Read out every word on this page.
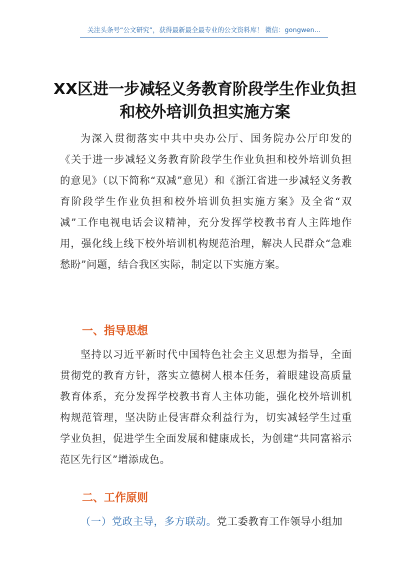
关注头条号“公文研究”，获得最新最全最专业的公文资料库！ 微信：gongwen...
XX区进一步减轻义务教育阶段学生作业负担
和校外培训负担实施方案
为深入贯彻落实中共中央办公厅、国务院办公厅印发的《关于进一步减轻义务教育阶段学生作业负担和校外培训负担的意见》（以下简称“双减”意见）和《浙江省进一步减轻义务教育阶段学生作业负担和校外培训负担实施方案》及全省“双减”工作电视电话会议精神，充分发挥学校教书育人主阵地作用，强化线上线下校外培训机构规范治理，解决人民群众“急难愁盼”问题，结合我区实际，制定以下实施方案。
一、指导思想
坚持以习近平新时代中国特色社会主义思想为指导，全面贯彻党的教育方针，落实立德树人根本任务，着眼建设高质量教育体系，充分发挥学校教书育人主体功能，强化校外培训机构规范管理，坚决防止侵害群众利益行为，切实减轻学生过重学业负担，促进学生全面发展和健康成长，为创建“共同富裕示范区先行区”增添成色。
二、工作原则
（一）党政主导，多方联动。党工委教育工作领导小组加
